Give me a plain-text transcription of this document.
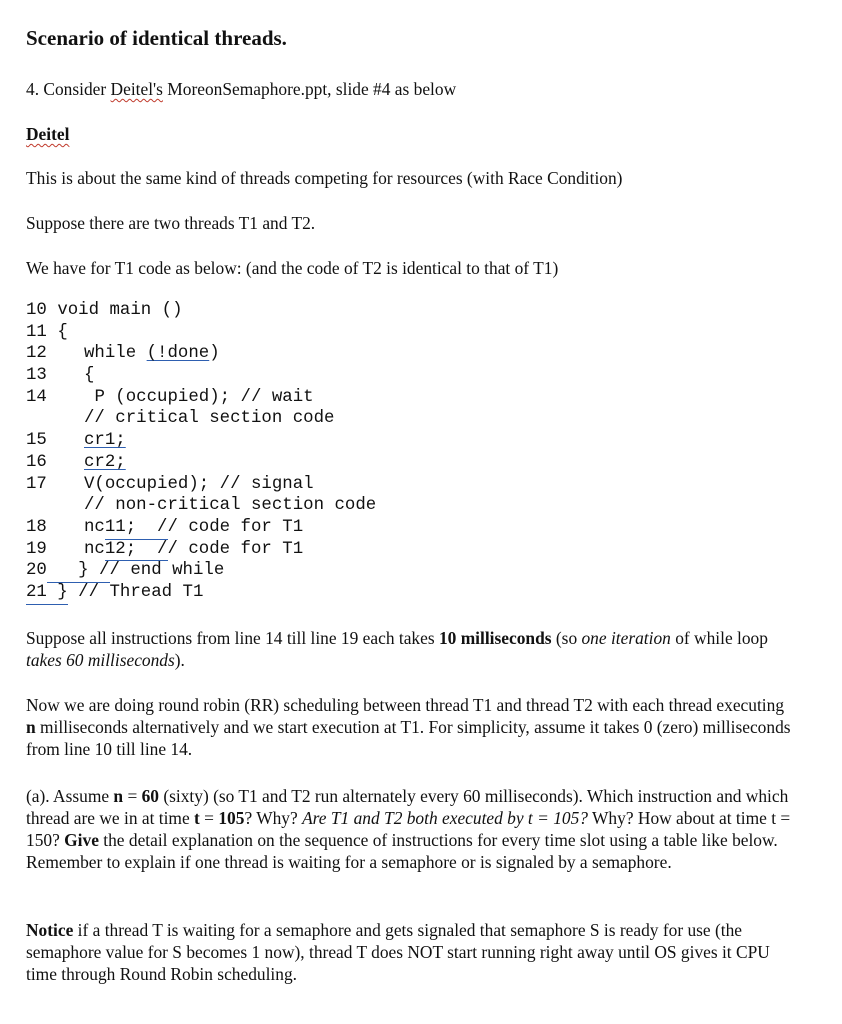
Scenario of identical threads.
4. Consider Deitel's MoreonSemaphore.ppt, slide #4 as below
Deitel
This is about the same kind of threads competing for resources (with Race Condition)
Suppose there are two threads T1 and T2.
We have for T1 code as below: (and the code of T2 is identical to that of T1)
10 void main ()
11 {
12 while (!done)
13 {
14	P (occupied); // wait
// critical section code
15 cr1;
16 cr2;
17 V(occupied); // signal
// non-critical section code
18 nc11;  // code for T1
19 nc12;  // code for T1
20   } // end while
21 } // Thread T1
Suppose all instructions from line 14 till line 19 each takes 10 milliseconds (so one iteration of while loop takes 60 milliseconds).
Now we are doing round robin (RR) scheduling between thread T1 and thread T2 with each thread executing n milliseconds alternatively and we start execution at T1. For simplicity, assume it takes 0 (zero) milliseconds from line 10 till line 14.
(a). Assume n = 60 (sixty) (so T1 and T2 run alternately every 60 milliseconds). Which instruction and which thread are we in at time t = 105? Why? Are T1 and T2 both executed by t = 105? Why? How about at time t = 150? Give the detail explanation on the sequence of instructions for every time slot using a table like below. Remember to explain if one thread is waiting for a semaphore or is signaled by a semaphore.
Notice if a thread T is waiting for a semaphore and gets signaled that semaphore S is ready for use (the semaphore value for S becomes 1 now), thread T does NOT start running right away until OS gives it CPU time through Round Robin scheduling.
